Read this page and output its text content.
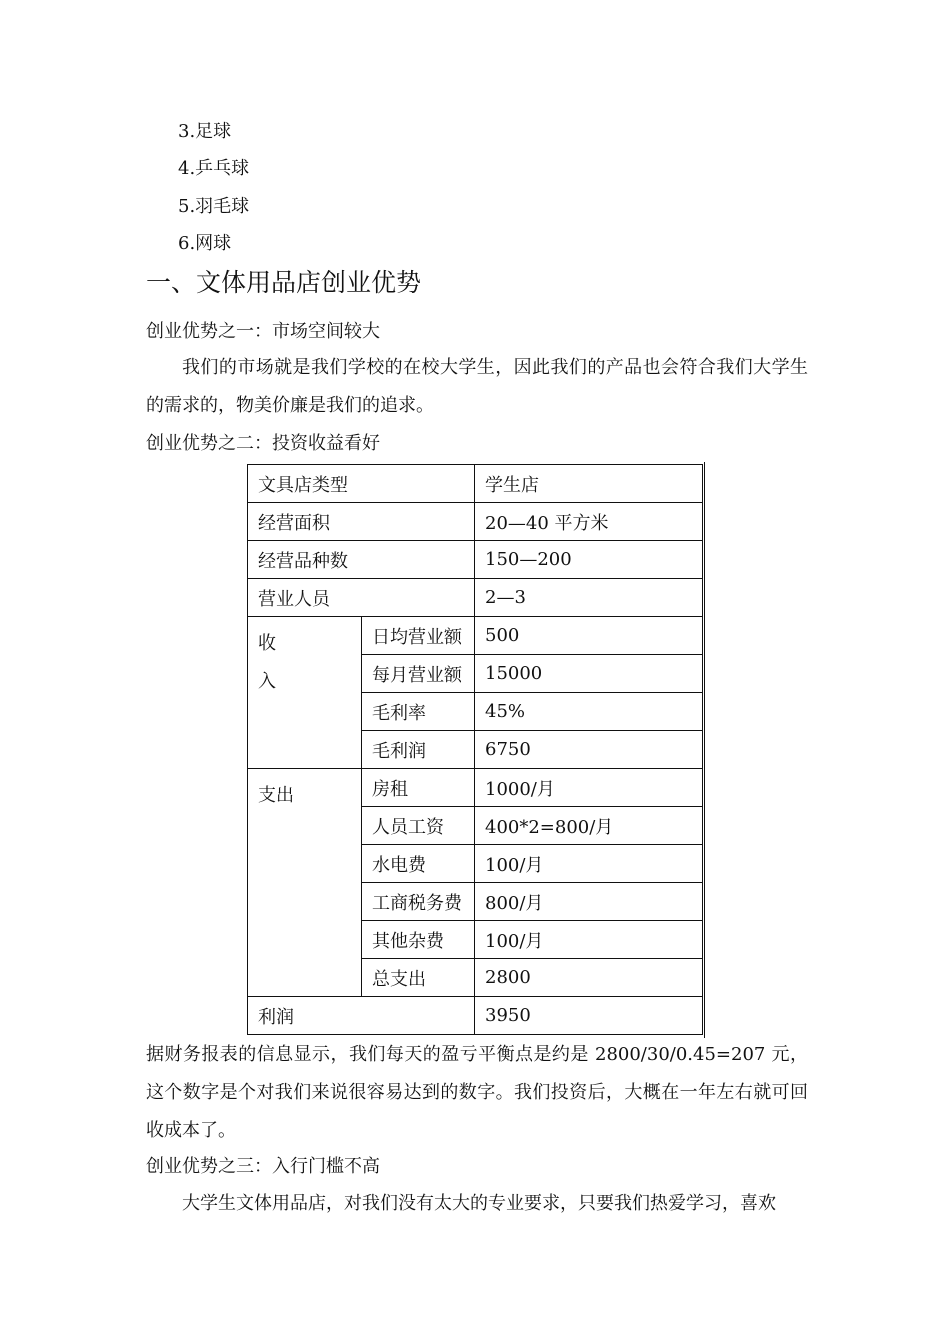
3.足球
4.乒乓球
5.羽毛球
6.网球
一、文体用品店创业优势
创业优势之一：市场空间较大
我们的市场就是我们学校的在校大学生，因此我们的产品也会符合我们大学生的需求的，物美价廉是我们的追求。
创业优势之二：投资收益看好
文具店类型		学生店
经营面积		20—40 平方米
经营品种数		150—200
营业人员		2—3
收
入	日均营业额	500
	每月营业额	15000
	毛利率	45%
	毛利润	6750
支出	房租	1000/月
	人员工资	400*2=800/月
	水电费	100/月
	工商税务费	800/月
	其他杂费	100/月
	总支出	2800
利润		3950
据财务报表的信息显示，我们每天的盈亏平衡点是约是 2800/30/0.45=207 元，这个数字是个对我们来说很容易达到的数字。我们投资后，大概在一年左右就可回收成本了。
创业优势之三：入行门槛不高
大学生文体用品店，对我们没有太大的专业要求，只要我们热爱学习，喜欢
